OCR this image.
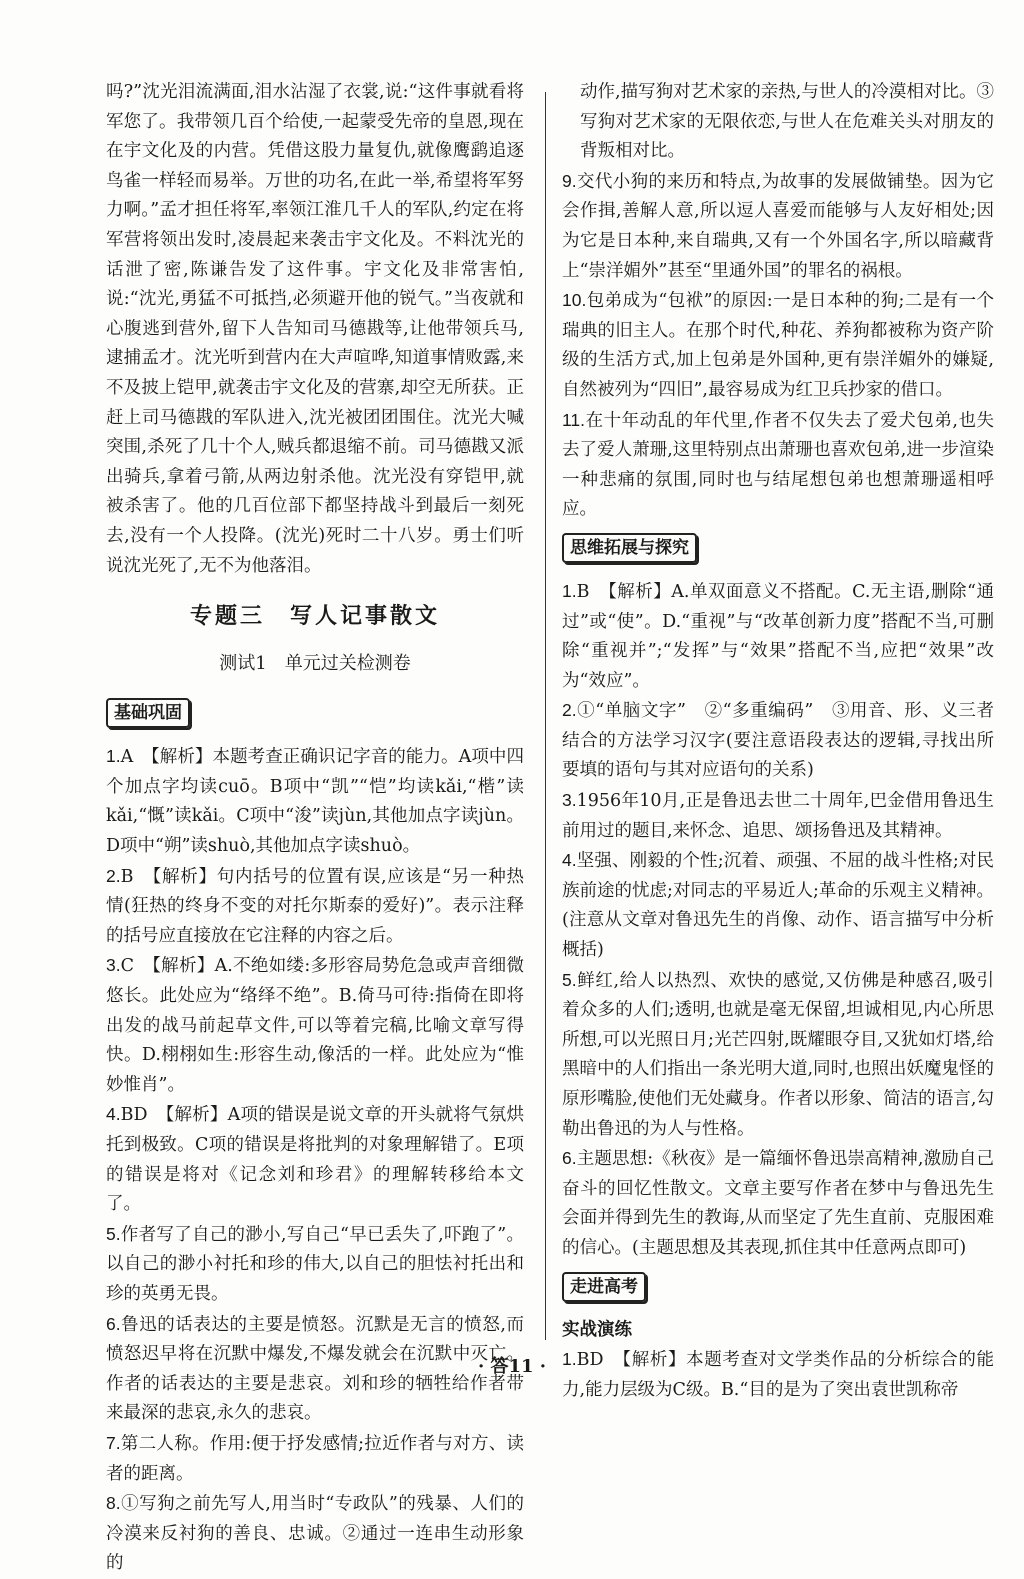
吗?”沈光泪流满面,泪水沾湿了衣裳,说:“这件事就看将军您了。我带领几百个给使,一起蒙受先帝的皇恩,现在在宇文化及的内营。凭借这股力量复仇,就像鹰鹞追逐鸟雀一样轻而易举。万世的功名,在此一举,希望将军努力啊。”孟才担任将军,率领江淮几千人的军队,约定在将军营将领出发时,凌晨起来袭击宇文化及。不料沈光的话泄了密,陈谦告发了这件事。宇文化及非常害怕,说:“沈光,勇猛不可抵挡,必须避开他的锐气。”当夜就和心腹逃到营外,留下人告知司马德戡等,让他带领兵马,逮捕孟才。沈光听到营内在大声喧哗,知道事情败露,来不及披上铠甲,就袭击宇文化及的营寨,却空无所获。正赶上司马德戡的军队进入,沈光被团团围住。沈光大喊突围,杀死了几十个人,贼兵都退缩不前。司马德戡又派出骑兵,拿着弓箭,从两边射杀他。沈光没有穿铠甲,就被杀害了。他的几百位部下都坚持战斗到最后一刻死去,没有一个人投降。(沈光)死时二十八岁。勇士们听说沈光死了,无不为他落泪。

专题三　写人记事散文
测试1　单元过关检测卷
基础巩固

1.A　【解析】本题考查正确识记字音的能力。A项中四个加点字均读cuō。B项中“凯”“恺”均读kǎi,“楷”读kǎi,“慨”读kǎi。C项中“浚”读jùn,其他加点字读jùn。D项中“朔”读shuò,其他加点字读shuò。

2.B　【解析】句内括号的位置有误,应该是“另一种热情(狂热的终身不变的对托尔斯泰的爱好)”。表示注释的括号应直接放在它注释的内容之后。

3.C　【解析】A.不绝如缕:多形容局势危急或声音细微悠长。此处应为“络绎不绝”。B.倚马可待:指倚在即将出发的战马前起草文件,可以等着完稿,比喻文章写得快。D.栩栩如生:形容生动,像活的一样。此处应为“惟妙惟肖”。

4.BD　【解析】A项的错误是说文章的开头就将气氛烘托到极致。C项的错误是将批判的对象理解错了。E项的错误是将对《记念刘和珍君》的理解转移给本文了。

5.作者写了自己的渺小,写自己“早已丢失了,吓跑了”。以自己的渺小衬托和珍的伟大,以自己的胆怯衬托出和珍的英勇无畏。

6.鲁迅的话表达的主要是愤怒。沉默是无言的愤怒,而愤怒迟早将在沉默中爆发,不爆发就会在沉默中灭亡。作者的话表达的主要是悲哀。刘和珍的牺牲给作者带来最深的悲哀,永久的悲哀。

7.第二人称。作用:便于抒发感情;拉近作者与对方、读者的距离。

8.①写狗之前先写人,用当时“专政队”的残暴、人们的冷漠来反衬狗的善良、忠诚。②通过一连串生动形象的

动作,描写狗对艺术家的亲热,与世人的冷漠相对比。③写狗对艺术家的无限依恋,与世人在危难关头对朋友的背叛相对比。

9.交代小狗的来历和特点,为故事的发展做铺垫。因为它会作揖,善解人意,所以逗人喜爱而能够与人友好相处;因为它是日本种,来自瑞典,又有一个外国名字,所以暗藏背上“崇洋媚外”甚至“里通外国”的罪名的祸根。

10.包弟成为“包袱”的原因:一是日本种的狗;二是有一个瑞典的旧主人。在那个时代,种花、养狗都被称为资产阶级的生活方式,加上包弟是外国种,更有崇洋媚外的嫌疑,自然被列为“四旧”,最容易成为红卫兵抄家的借口。

11.在十年动乱的年代里,作者不仅失去了爱犬包弟,也失去了爱人萧珊,这里特别点出萧珊也喜欢包弟,进一步渲染一种悲痛的氛围,同时也与结尾想包弟也想萧珊遥相呼应。

思维拓展与探究

1.B　【解析】A.单双面意义不搭配。C.无主语,删除“通过”或“使”。D.“重视”与“改革创新力度”搭配不当,可删除“重视并”;“发挥”与“效果”搭配不当,应把“效果”改为“效应”。

2.①“单脑文字”　②“多重编码”　③用音、形、义三者结合的方法学习汉字(要注意语段表达的逻辑,寻找出所要填的语句与其对应语句的关系)

3.1956年10月,正是鲁迅去世二十周年,巴金借用鲁迅生前用过的题目,来怀念、追思、颂扬鲁迅及其精神。

4.坚强、刚毅的个性;沉着、顽强、不屈的战斗性格;对民族前途的忧虑;对同志的平易近人;革命的乐观主义精神。(注意从文章对鲁迅先生的肖像、动作、语言描写中分析概括)

5.鲜红,给人以热烈、欢快的感觉,又仿佛是种感召,吸引着众多的人们;透明,也就是毫无保留,坦诚相见,内心所思所想,可以光照日月;光芒四射,既耀眼夺目,又犹如灯塔,给黑暗中的人们指出一条光明大道,同时,也照出妖魔鬼怪的原形嘴脸,使他们无处藏身。作者以形象、简洁的语言,勾勒出鲁迅的为人与性格。

6.主题思想:《秋夜》是一篇缅怀鲁迅崇高精神,激励自己奋斗的回忆性散文。文章主要写作者在梦中与鲁迅先生会面并得到先生的教诲,从而坚定了先生直前、克服困难的信心。(主题思想及其表现,抓住其中任意两点即可)

走进高考

实战演练

1.BD　【解析】本题考查对文学类作品的分析综合的能力,能力层级为C级。B.“目的是为了突出袁世凯称帝

· 答11 ·
